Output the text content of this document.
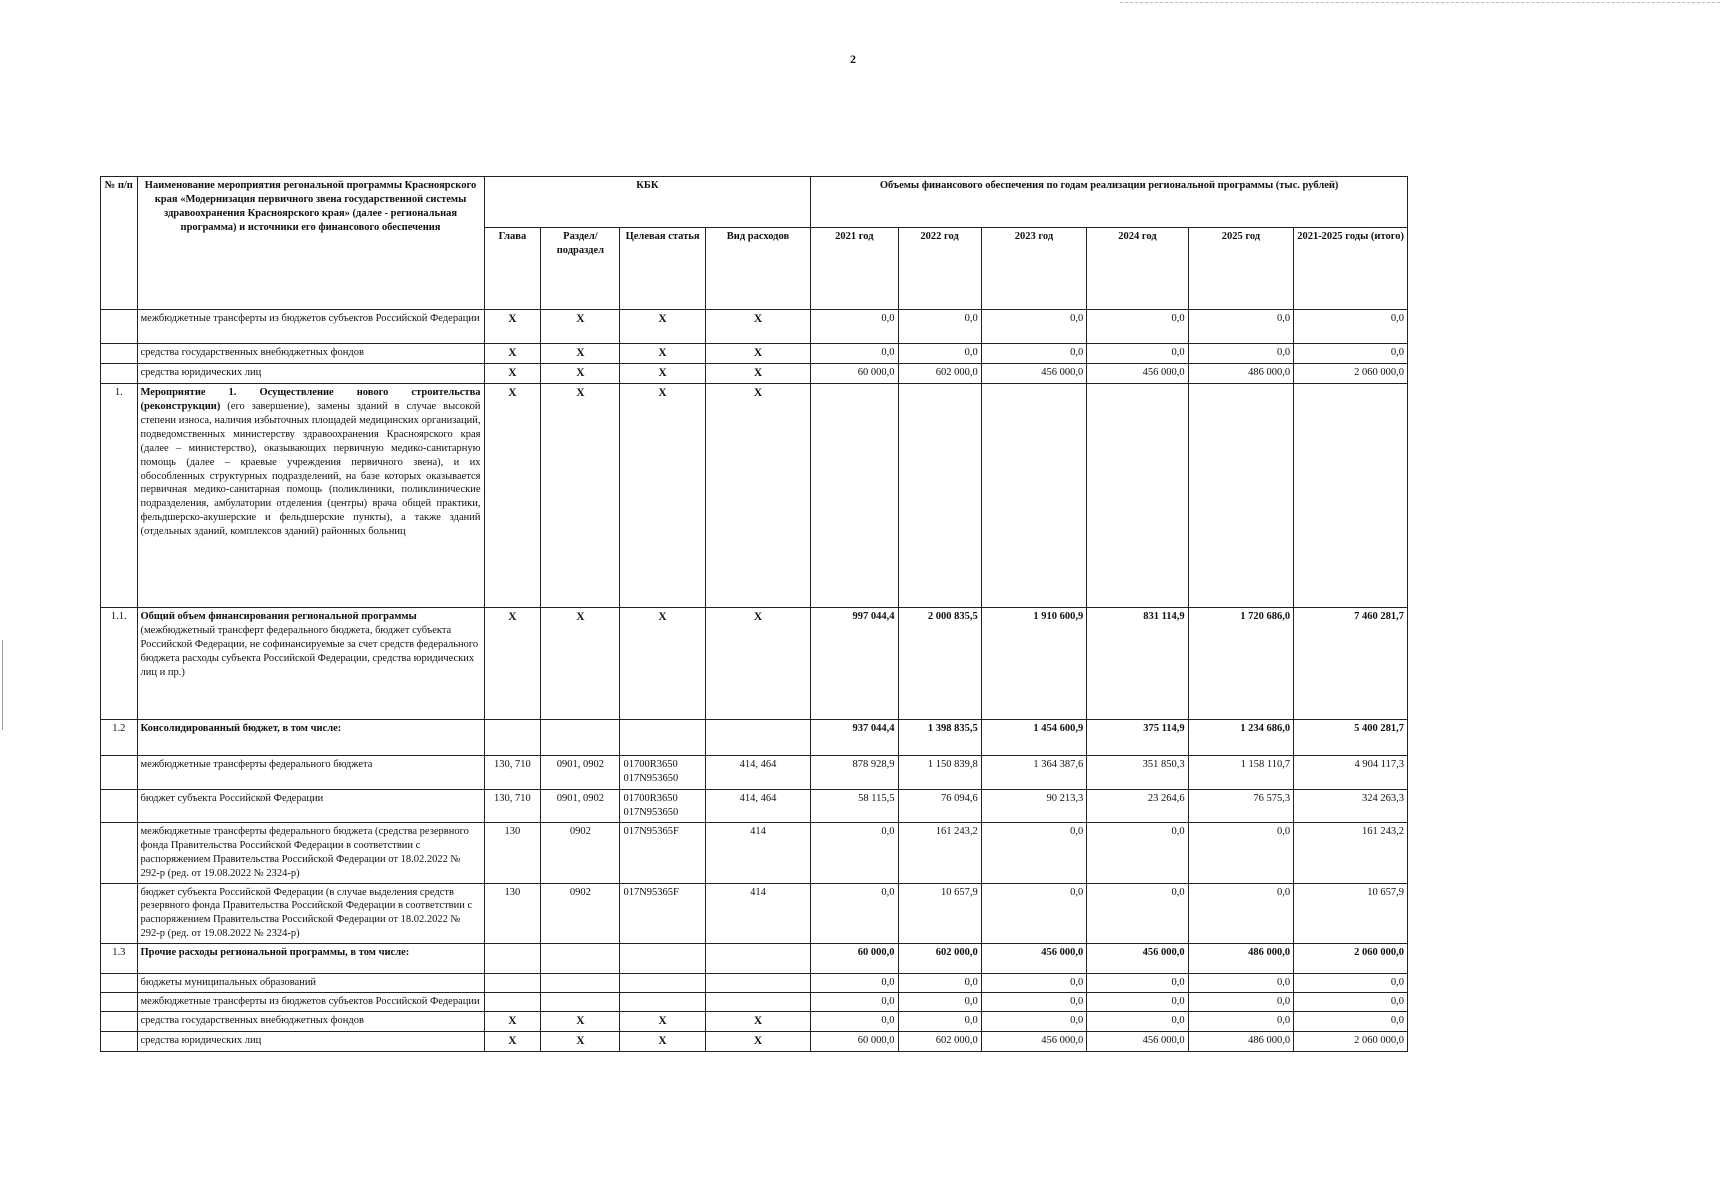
2
№ п/п	Наименование мероприятия регональной программы Красноярского края «Модернизация первичного звена государственной системы здравоохранения Красноярского края» (далее - региональная программа) и источники его финансового обеспечения	КБК				Объемы финансового обеспечения по годам реализации региональной программы (тыс. рублей)					
		Глава	Раздел/ подраздел	Целевая статья	Вид расходов	2021 год	2022 год	2023 год	2024 год	2025 год	2021-2025 годы (итого)
	межбюджетные трансферты из бюджетов субъектов Российской Федерации	Х	Х	Х	Х	0,0	0,0	0,0	0,0	0,0	0,0
	средства государственных внебюджетных фондов	Х	Х	Х	Х	0,0	0,0	0,0	0,0	0,0	0,0
	средства юридических лиц	Х	Х	Х	Х	60 000,0	602 000,0	456 000,0	456 000,0	486 000,0	2 060 000,0
1.	Мероприятие 1. Осуществление нового строительства (реконструкции) (его завершение), замены зданий в случае высокой степени износа, наличия избыточных площадей медицинских организаций, подведомственных министерству здравоохранения Красноярского края (далее – министерство), оказывающих первичную медико-санитарную помощь (далее – краевые учреждения первичного звена), и их обособленных структурных подразделений, на базе которых оказывается первичная медико-санитарная помощь (поликлиники, поликлинические подразделения, амбулатории отделения (центры) врача общей практики, фельдшерско-акушерские и фельдшерские пункты), а также зданий (отдельных зданий, комплексов зданий) районных больниц	Х	Х	Х	Х						
1.1.	Общий объем финансирования региональной программы (межбюджетный трансферт федерального бюджета, бюджет субъекта Российской Федерации, не софинансируемые за счет средств федерального бюджета расходы субъекта Российской Федерации, средства юридических лиц и пр.)	Х	Х	Х	Х	997 044,4	2 000 835,5	1 910 600,9	831 114,9	1 720 686,0	7 460 281,7
1.2	Консолидированный бюджет, в том числе:					937 044,4	1 398 835,5	1 454 600,9	375 114,9	1 234 686,0	5 400 281,7
	межбюджетные трансферты федерального бюджета	130, 710	0901, 0902	01700R3650 017N953650	414, 464	878 928,9	1 150 839,8	1 364 387,6	351 850,3	1 158 110,7	4 904 117,3
	бюджет субъекта Российской Федерации	130, 710	0901, 0902	01700R3650 017N953650	414, 464	58 115,5	76 094,6	90 213,3	23 264,6	76 575,3	324 263,3
	межбюджетные трансферты федерального бюджета (средства резервного фонда Правительства Российской Федерации в соответствии с распоряжением Правительства Российской Федерации от 18.02.2022 № 292-р (ред. от 19.08.2022 № 2324-р)	130	0902	017N95365F	414	0,0	161 243,2	0,0	0,0	0,0	161 243,2
	бюджет субъекта Российской Федерации (в случае выделения средств резервного фонда Правительства Российской Федерации в соответствии с распоряжением Правительства Российской Федерации от 18.02.2022 № 292-р (ред. от 19.08.2022 № 2324-р)	130	0902	017N95365F	414	0,0	10 657,9	0,0	0,0	0,0	10 657,9
1.3	Прочие расходы региональной программы, в том числе:					60 000,0	602 000,0	456 000,0	456 000,0	486 000,0	2 060 000,0
	бюджеты муниципальных образований					0,0	0,0	0,0	0,0	0,0	0,0
	межбюджетные трансферты из бюджетов субъектов Российской Федерации					0,0	0,0	0,0	0,0	0,0	0,0
	средства государственных внебюджетных фондов	Х	Х	Х	Х	0,0	0,0	0,0	0,0	0,0	0,0
	средства юридических лиц	Х	Х	Х	Х	60 000,0	602 000,0	456 000,0	456 000,0	486 000,0	2 060 000,0
